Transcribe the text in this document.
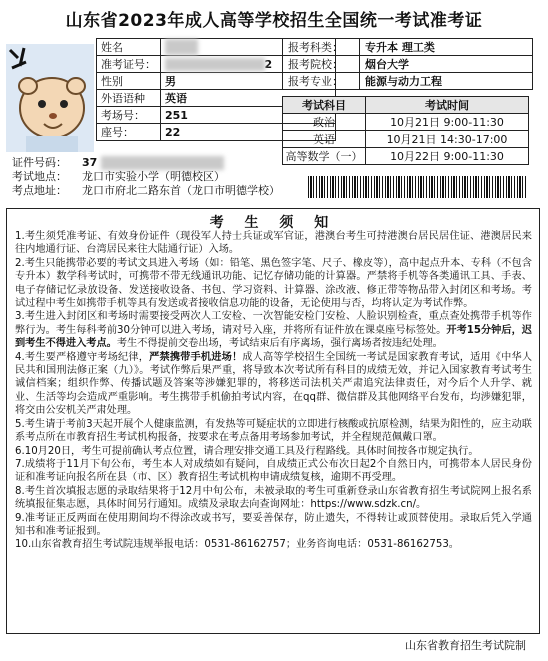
山东省2023年成人高等学校招生全国统一考试准考证
姓名	
准考证号：	2
性别	男
外语语种	英语
考场号：	251
座号：	22
报考科类：	专升本 理工类
报考院校：	烟台大学
报考专业：	能源与动力工程
考试科目	考试时间
政治	10月21日 9:00-11:30
英语	10月21日 14:30-17:00
高等数学（一）	10月22日 9:00-11:30
证件号码：	37
考试地点：	龙口市实验小学（明德校区）
考点地址：	龙口市府北二路东首（龙口市明德学校）
考 生 须 知

1.考生须凭准考证、有效身份证件（现役军人持士兵证或军官证，港澳台考生可持港澳台居民居住证、港澳居民来往内地通行证、台湾居民来往大陆通行证）入场。

2.考生只能携带必要的考试文具进入考场（如：铅笔、黑色签字笔、尺子、橡皮等），高中起点升本、专科（不包含专升本）数学科考试时，可携带不带无线通讯功能、记忆存储功能的计算器。严禁将手机等各类通讯工具、手表、电子存储记忆录放设备、发送接收设备、书包、学习资料、计算器、涂改液、修正带等物品带入封闭区和考场。考试过程中考生如携带手机等具有发送或者接收信息功能的设备，无论使用与否，均将认定为考试作弊。

3.考生进入封闭区和考场时需要接受两次人工安检、一次智能安检门安检、人脸识别检查，重点查处携带手机等作弊行为。考生每科考前30分钟可以进入考场，请对号入座，并将所有证件放在课桌座号标签处。开考15分钟后，迟到考生不得进入考点。考生不得提前交卷出场，考试结束后有序离场，强行离场者按违纪处理。

4.考生要严格遵守考场纪律，严禁携带手机进场！成人高等学校招生全国统一考试是国家教育考试，适用《中华人民共和国刑法修正案（九）》。考试作弊后果严重，将导致本次考试所有科目的成绩无效，并记入国家教育考试考生诚信档案；组织作弊、传播试题及答案等涉嫌犯罪的，将移送司法机关严肃追究法律责任，对今后个人升学、就业、生活等均会造成严重影响。考生携带手机偷拍考试内容，在qq群、微信群及其他网络平台发布，均涉嫌犯罪，将交由公安机关严肃处理。

5.考生请于考前3天起开展个人健康监测，有发热等可疑症状的立即进行核酸或抗原检测，结果为阳性的，应主动联系考点所在市教育招生考试机构报备，按要求在考点备用考场参加考试，并全程规范佩戴口罩。

6.10月20日，考生可提前确认考点位置，请合理安排交通工具及行程路线。具体时间按各市规定执行。

7.成绩将于11月下旬公布，考生本人对成绩如有疑问，自成绩正式公布次日起2个自然日内，可携带本人居民身份证和准考证向报名所在县（市、区）教育招生考试机构申请成绩复核，逾期不再受理。

8.考生首次填报志愿的录取结果将于12月中旬公布，未被录取的考生可重新登录山东省教育招生考试院网上报名系统填报征集志愿，具体时间另行通知。成绩及录取去向查询网址：https://www.sdzk.cn/。

9.准考证正反两面在使用期间均不得涂改或书写，要妥善保存，防止遗失，不得转让或顶替使用。录取后凭入学通知书和准考证报到。

10.山东省教育招生考试院违规举报电话：0531-86162757；业务咨询电话：0531-86162753。

山东省教育招生考试院制
